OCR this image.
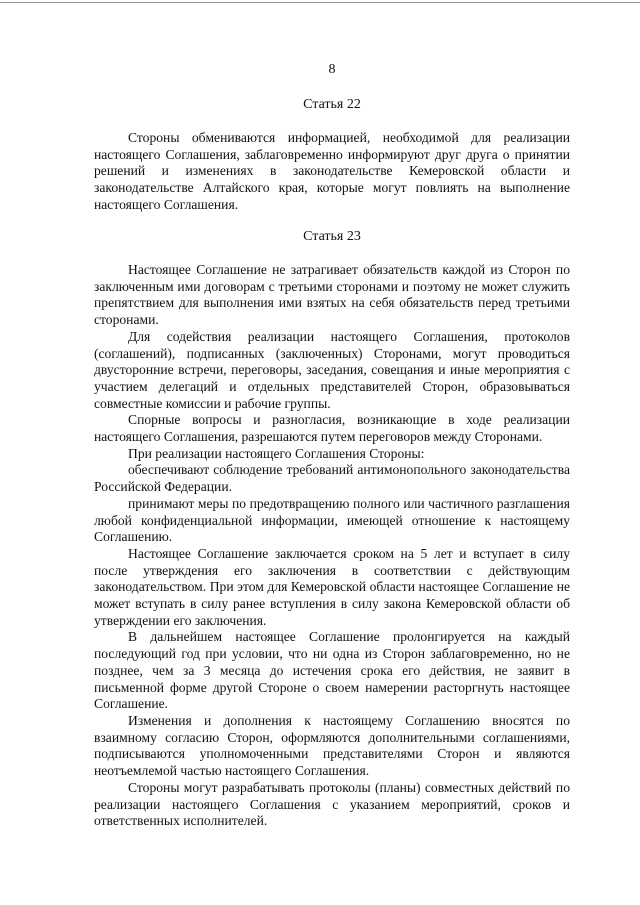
8
Статья 22

Стороны обмениваются информацией, необходимой для реализации настоящего Соглашения, заблаговременно информируют друг друга о принятии решений и изменениях в законодательстве Кемеровской области и законодательстве Алтайского края, которые могут повлиять на выполнение настоящего Соглашения.

Статья 23

Настоящее Соглашение не затрагивает обязательств каждой из Сторон по заключенным ими договорам с третьими сторонами и поэтому не может служить препятствием для выполнения ими взятых на себя обязательств перед третьими сторонами.

Для содействия реализации настоящего Соглашения, протоколов (соглашений), подписанных (заключенных) Сторонами, могут проводиться двусторонние встречи, переговоры, заседания, совещания и иные мероприятия с участием делегаций и отдельных представителей Сторон, образовываться совместные комиссии и рабочие группы.

Спорные вопросы и разногласия, возникающие в ходе реализации настоящего Соглашения, разрешаются путем переговоров между Сторонами.

При реализации настоящего Соглашения Стороны:

обеспечивают соблюдение требований антимонопольного законодательства Российской Федерации.

принимают меры по предотвращению полного или частичного разглашения любой конфиденциальной информации, имеющей отношение к настоящему Соглашению.

Настоящее Соглашение заключается сроком на 5 лет и вступает в силу после утверждения его заключения в соответствии с действующим законодательством. При этом для Кемеровской области настоящее Соглашение не может вступать в силу ранее вступления в силу закона Кемеровской области об утверждении его заключения.

В дальнейшем настоящее Соглашение пролонгируется на каждый последующий год при условии, что ни одна из Сторон заблаговременно, но не позднее, чем за 3 месяца до истечения срока его действия, не заявит в письменной форме другой Стороне о своем намерении расторгнуть настоящее Соглашение.

Изменения и дополнения к настоящему Соглашению вносятся по взаимному согласию Сторон, оформляются дополнительными соглашениями, подписываются уполномоченными представителями Сторон и являются неотъемлемой частью настоящего Соглашения.

Стороны могут разрабатывать протоколы (планы) совместных действий по реализации настоящего Соглашения с указанием мероприятий, сроков и ответственных исполнителей.
